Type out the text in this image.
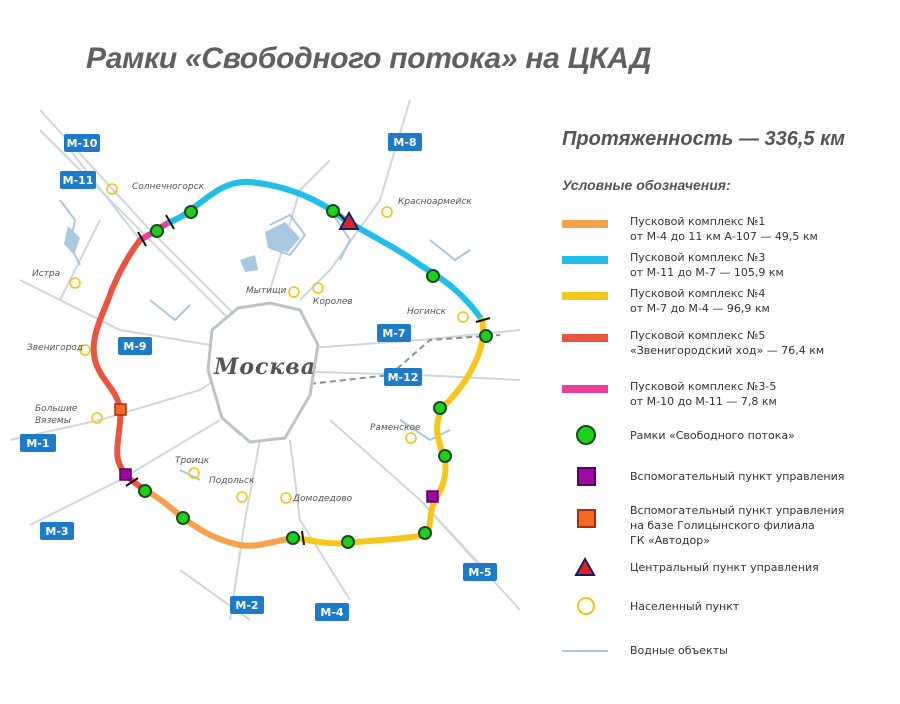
Рамки «Свободного потока» на ЦКАД
Москва
Солнечногорск
Красноармейск
Истра
Мытищи
Королев
Ногинск
Звенигород
Большие
Вяземы
Раменское
Троицк
Подольск
Домодедово
М-10
М-11
М-8
М-9
М-7
М-12
М-1
М-3
М-5
М-2
М-4
Протяженность — 336,5 км
Условные обозначения:
Пусковой комплекс №1
от М-4 до 11 км А-107 — 49,5 км
Пусковой комплекс №3
от М-11 до М-7 — 105,9 км
Пусковой комплекс №4
от М-7 до М-4 — 96,9 км
Пусковой комплекс №5
«Звенигородский ход» — 76,4 км
Пусковой комплекс №3-5
от М-10 до М-11 — 7,8 км
Рамки «Свободного потока»
Вспомогательный пункт управления
Вспомогательный пункт управления
на базе Голицынского филиала
ГК «Автодор»
Центральный пункт управления
Населенный пункт
Водные объекты
